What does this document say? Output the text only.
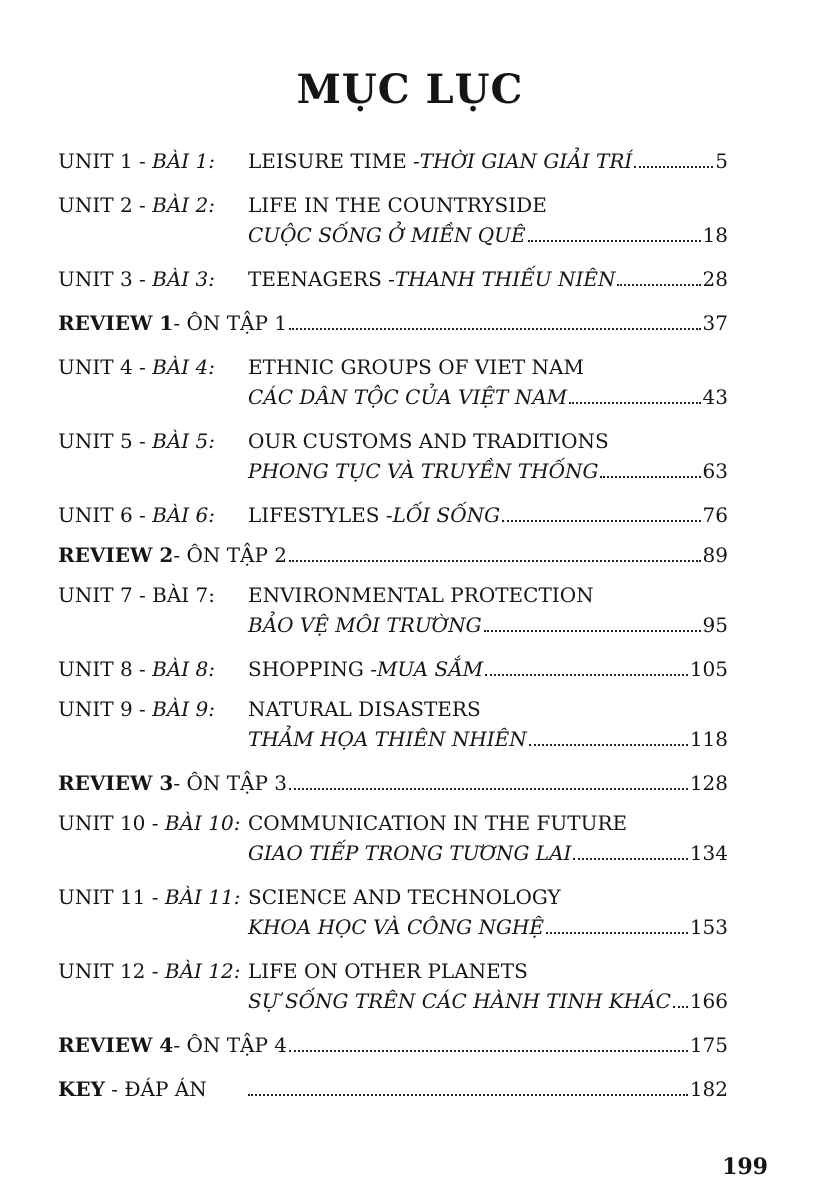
MỤC LỤC
UNIT 1 - BÀI 1:	LEISURE TIME - THỜI GIAN GIẢI TRÍ	5
UNIT 2 - BÀI 2:	LIFE IN THE COUNTRYSIDE
CUỘC SỐNG Ở MIỀN QUÊ	18
UNIT 3 - BÀI 3:	TEENAGERS - THANH THIẾU NIÊN	28
REVIEW 1 - ÔN TẬP 1	37
UNIT 4 - BÀI 4:	ETHNIC GROUPS OF VIET NAM
CÁC DÂN TỘC CỦA VIỆT NAM	43
UNIT 5 - BÀI 5:	OUR CUSTOMS AND TRADITIONS
PHONG TỤC VÀ TRUYỀN THỐNG	63
UNIT 6 - BÀI 6:	LIFESTYLES - LỐI SỐNG	76
REVIEW 2 - ÔN TẬP 2	89
UNIT 7 - BÀI 7:	ENVIRONMENTAL PROTECTION
BẢO VỆ MÔI TRƯỜNG	95
UNIT 8 - BÀI 8:	SHOPPING - MUA SẮM	105
UNIT 9 - BÀI 9:	NATURAL DISASTERS
THẢM HỌA THIÊN NHIÊN	118
REVIEW 3 - ÔN TẬP 3	128
UNIT 10 - BÀI 10: COMMUNICATION IN THE FUTURE
GIAO TIẾP TRONG TƯƠNG LAI	134
UNIT 11 - BÀI 11: SCIENCE AND TECHNOLOGY
KHOA HỌC VÀ CÔNG NGHỆ	153
UNIT 12 - BÀI 12: LIFE ON OTHER PLANETS
SỰ SỐNG TRÊN CÁC HÀNH TINH KHÁC 166
REVIEW 4 - ÔN TẬP 4	175
KEY - ĐÁP ÁN	182
199
